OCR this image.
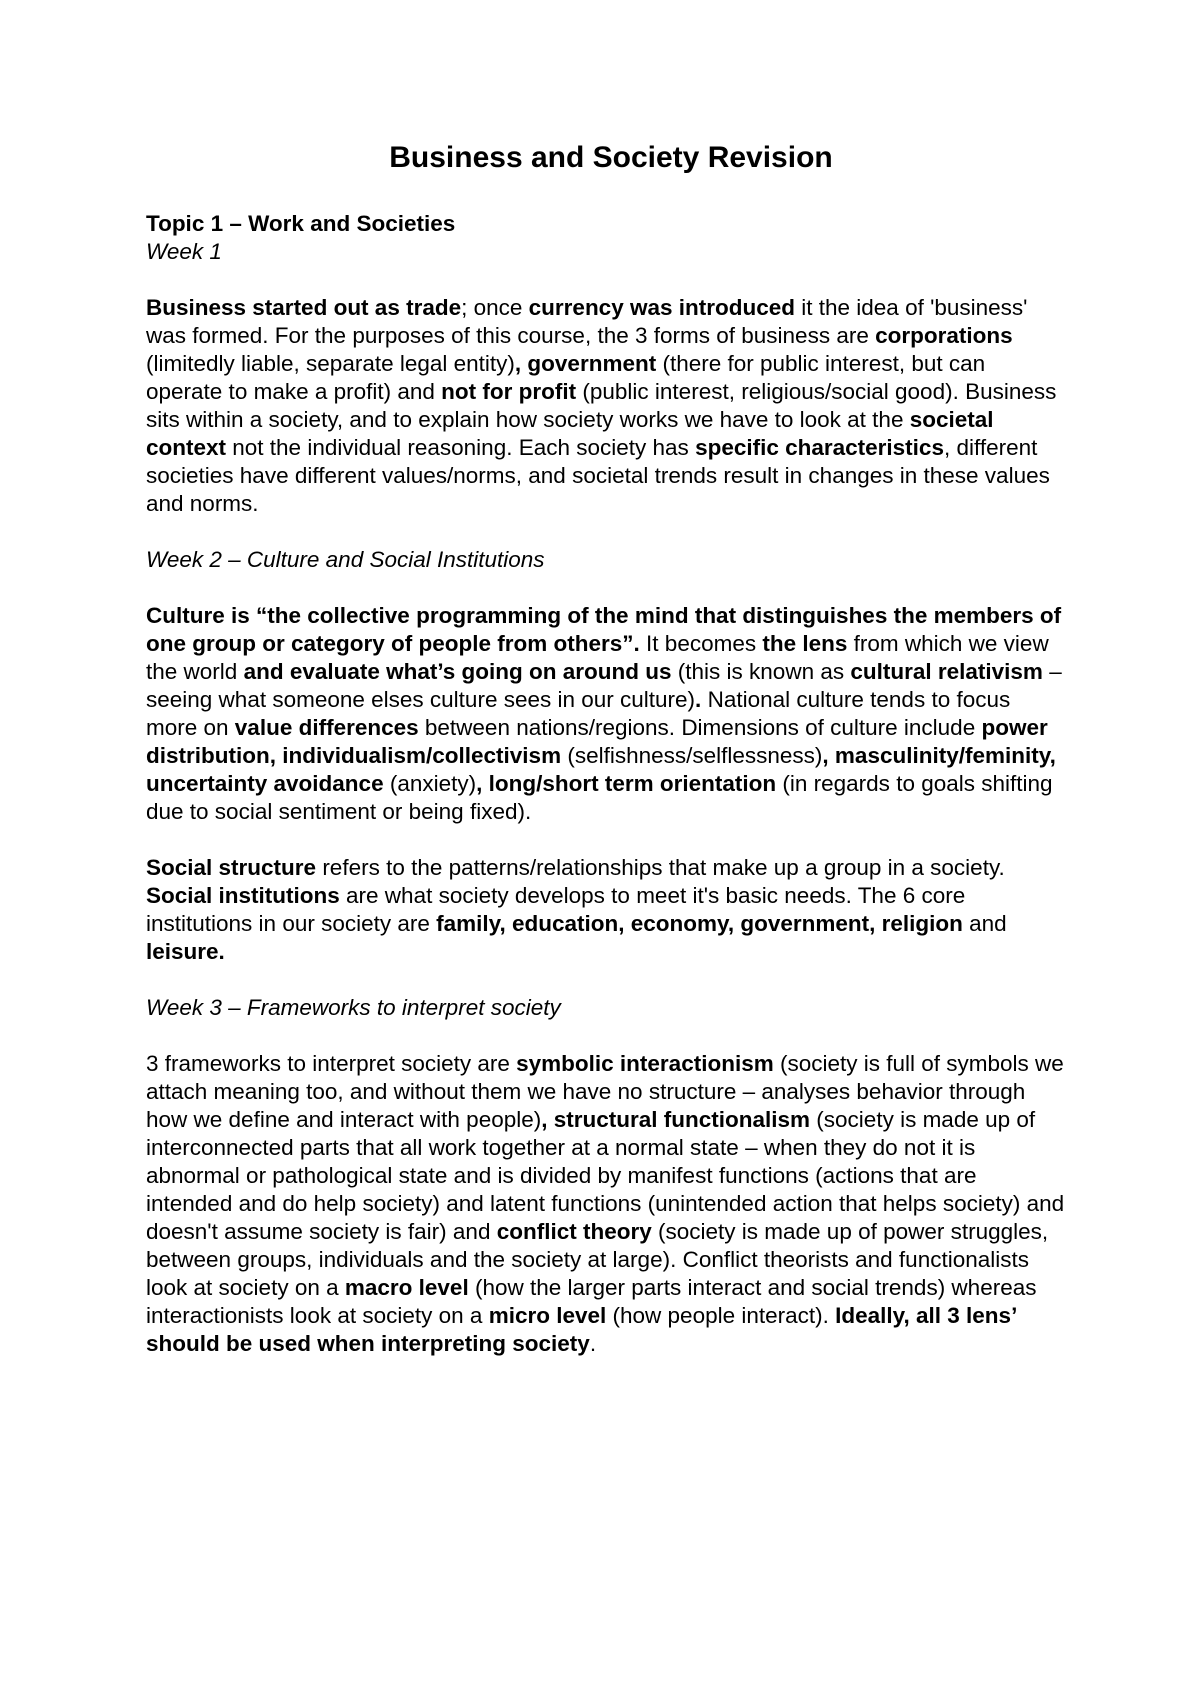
Business and Society Revision
Topic 1 – Work and Societies
Week 1

Business started out as trade; once currency was introduced it the idea of 'business' was formed. For the purposes of this course, the 3 forms of business are corporations (limitedly liable, separate legal entity), government (there for public interest, but can operate to make a profit) and not for profit (public interest, religious/social good). Business sits within a society, and to explain how society works we have to look at the societal context not the individual reasoning. Each society has specific characteristics, different societies have different values/norms, and societal trends result in changes in these values and norms.

Week 2 – Culture and Social Institutions

Culture is “the collective programming of the mind that distinguishes the members of one group or category of people from others”. It becomes the lens from which we view the world and evaluate what’s going on around us (this is known as cultural relativism – seeing what someone elses culture sees in our culture). National culture tends to focus more on value differences between nations/regions. Dimensions of culture include power distribution, individualism/collectivism (selfishness/selflessness), masculinity/feminity, uncertainty avoidance (anxiety), long/short term orientation (in regards to goals shifting due to social sentiment or being fixed).

Social structure refers to the patterns/relationships that make up a group in a society. Social institutions are what society develops to meet it's basic needs. The 6 core institutions in our society are family, education, economy, government, religion and leisure.

Week 3 – Frameworks to interpret society

3 frameworks to interpret society are symbolic interactionism (society is full of symbols we attach meaning too, and without them we have no structure – analyses behavior through how we define and interact with people), structural functionalism (society is made up of interconnected parts that all work together at a normal state – when they do not it is abnormal or pathological state and is divided by manifest functions (actions that are intended and do help society) and latent functions (unintended action that helps society) and doesn't assume society is fair) and conflict theory (society is made up of power struggles, between groups, individuals and the society at large). Conflict theorists and functionalists look at society on a macro level (how the larger parts interact and social trends) whereas interactionists look at society on a micro level (how people interact). Ideally, all 3 lens’ should be used when interpreting society.
